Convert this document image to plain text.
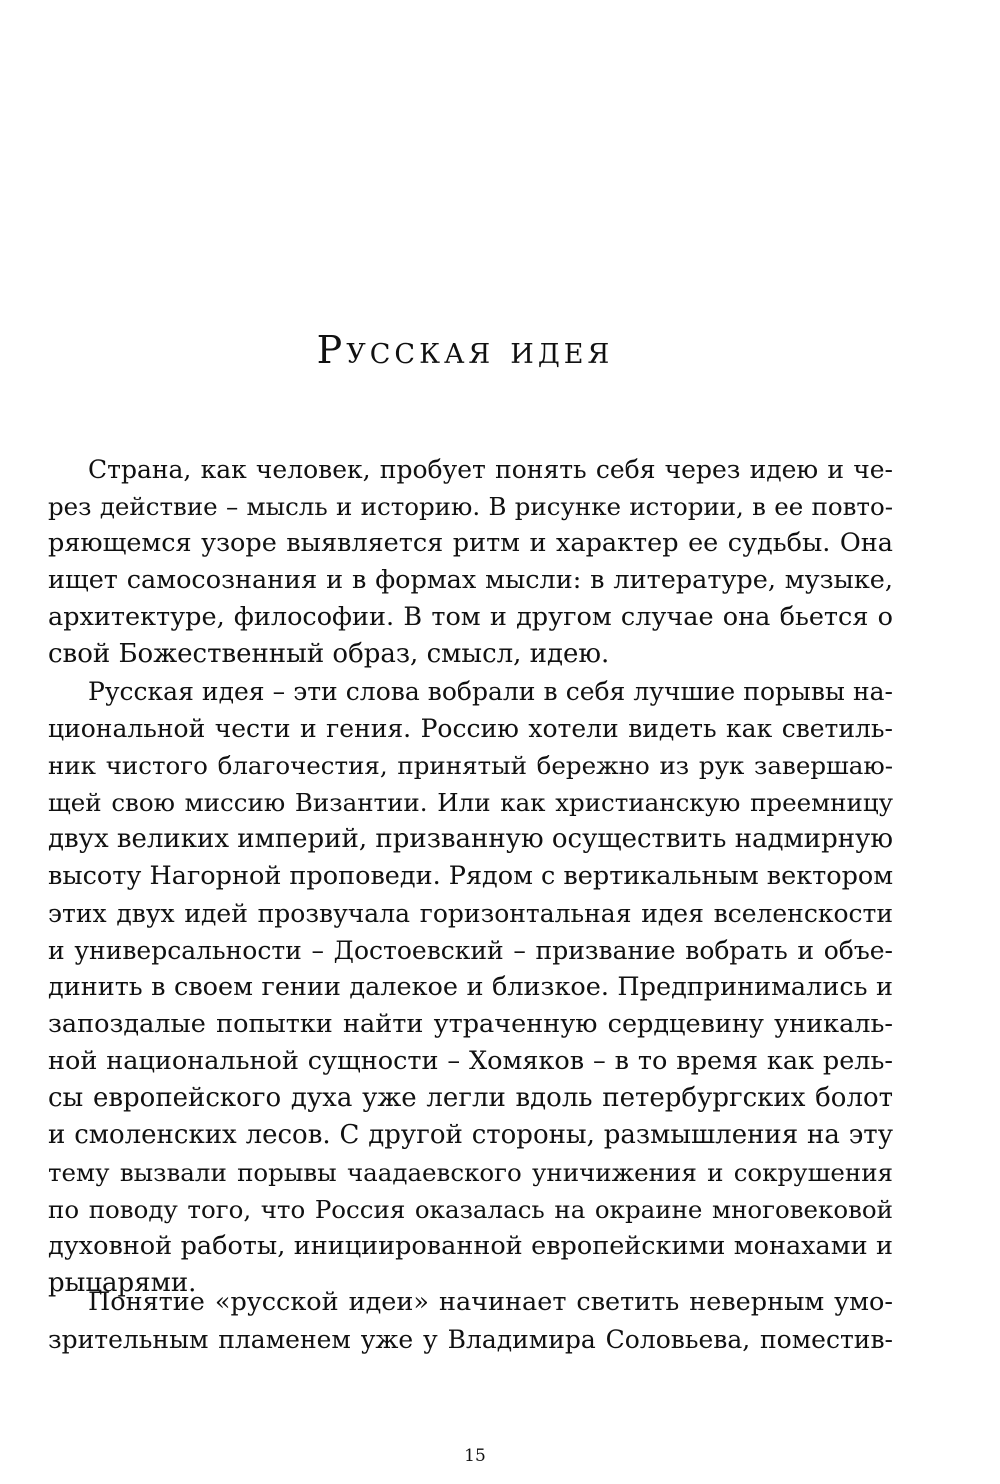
Русская идея
Страна, как человек, пробует понять себя через идею и че-
рез действие – мысль и историю. В рисунке истории, в ее повто-
ряющемся узоре выявляется ритм и характер ее судьбы. Она
ищет самосознания и в формах мысли: в литературе, музыке,
архитектуре, философии. В том и другом случае она бьется о
свой Божественный образ, смысл, идею.
Русская идея – эти слова вобрали в себя лучшие порывы на-
циональной чести и гения. Россию хотели видеть как светиль-
ник чистого благочестия, принятый бережно из рук завершаю-
щей свою миссию Византии. Или как христианскую преемницу
двух великих империй, призванную осуществить надмирную
высоту Нагорной проповеди. Рядом с вертикальным вектором
этих двух идей прозвучала горизонтальная идея вселенскости
и универсальности – Достоевский – призвание вобрать и объе-
динить в своем гении далекое и близкое. Предпринимались и
запоздалые попытки найти утраченную сердцевину уникаль-
ной национальной сущности – Хомяков – в то время как рель-
сы европейского духа уже легли вдоль петербургских болот
и смоленских лесов. С другой стороны, размышления на эту
тему вызвали порывы чаадаевского уничижения и сокрушения
по поводу того, что Россия оказалась на окраине многовековой
духовной работы, инициированной европейскими монахами и
рыцарями.
Понятие «русской идеи» начинает светить неверным умо-
зрительным пламенем уже у Владимира Соловьева, поместив-
15
